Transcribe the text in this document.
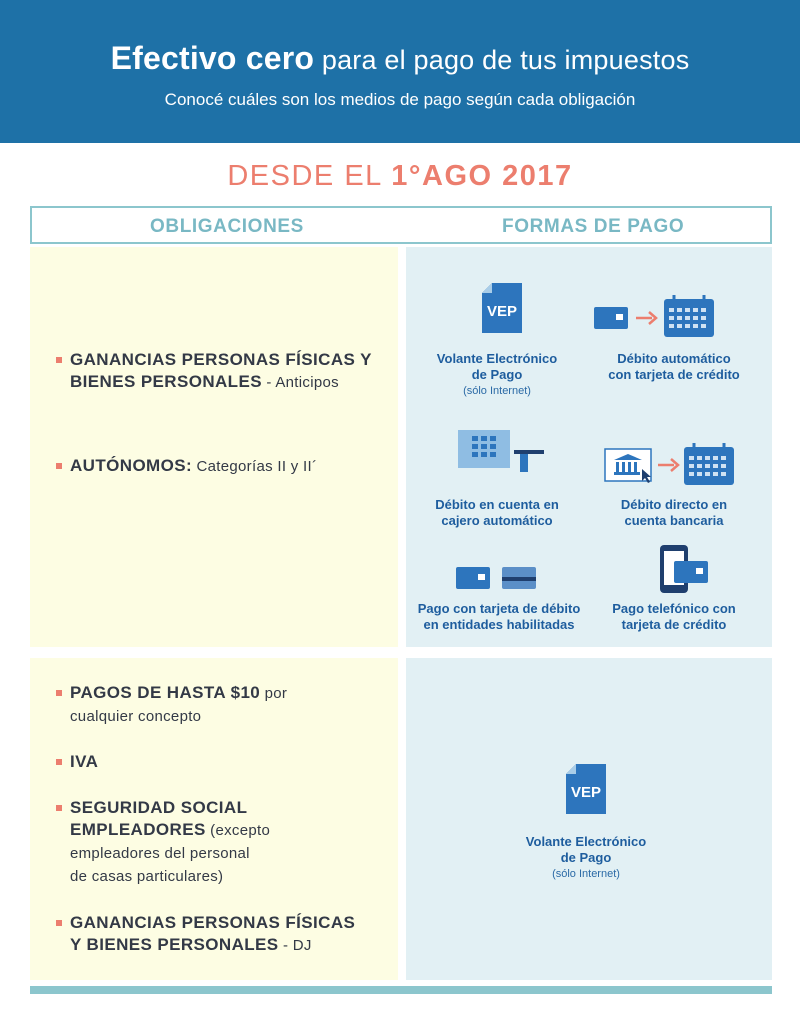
Efectivo cero para el pago de tus impuestos
Conocé cuáles son los medios de pago según cada obligación
DESDE EL 1°AGO 2017
OBLIGACIONES	FORMAS DE PAGO
GANANCIAS PERSONAS FÍSICAS Y
BIENES PERSONALES - Anticipos
AUTÓNOMOS: Categorías II y II´
VEP
Volante Electrónico
de Pago
(sólo Internet)
Débito automático
con tarjeta de crédito
Débito en cuenta en
cajero automático
Débito directo en
cuenta bancaria
Pago con tarjeta de débito
en entidades habilitadas
Pago telefónico con
tarjeta de crédito
PAGOS DE HASTA $10 por
cualquier concepto
IVA
SEGURIDAD SOCIAL
EMPLEADORES (excepto
empleadores del personal
de casas particulares)
GANANCIAS PERSONAS FÍSICAS
Y BIENES PERSONALES - DJ
VEP
Volante Electrónico
de Pago
(sólo Internet)
